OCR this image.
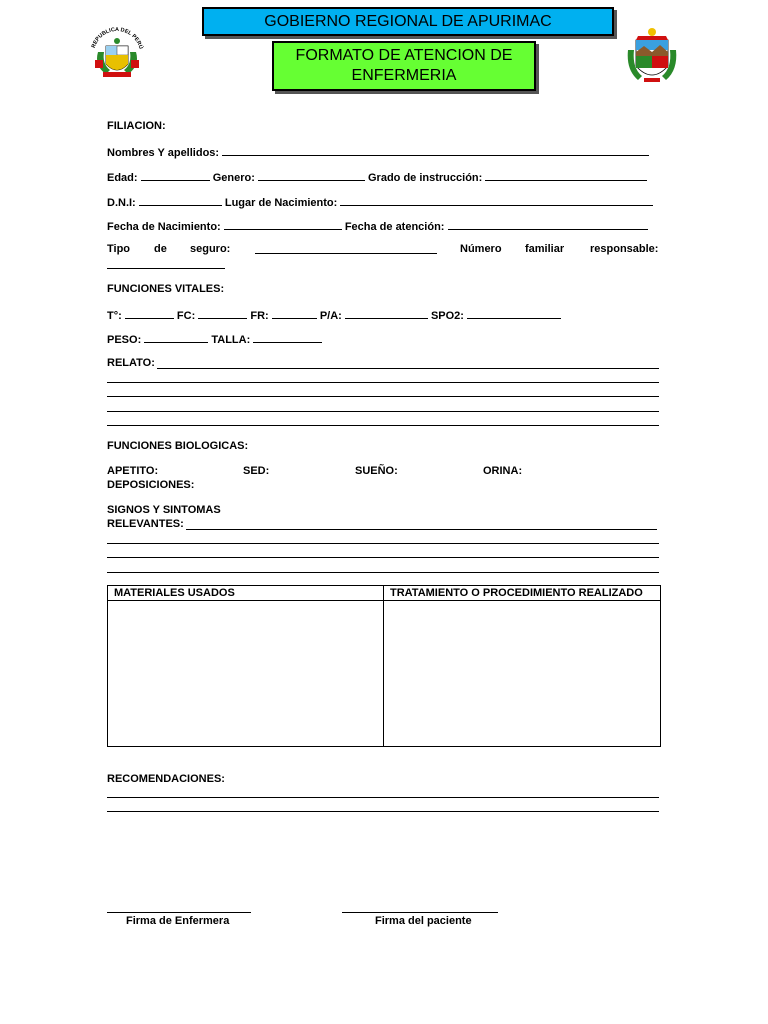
REPUBLICA DEL PERÚ
GOBIERNO REGIONAL DE APURIMAC
FORMATO DE ATENCION DE
ENFERMERIA
FILIACION:
Nombres Y apellidos:
Edad:	Genero:	Grado de instrucción:
D.N.I:	Lugar de Nacimiento:
Fecha de Nacimiento:	Fecha de atención:
Tipo de seguro:	Número familiar responsable:
FUNCIONES VITALES:
T°:	FC:	FR:	P/A:	SPO2:
PESO:	TALLA:
RELATO:
FUNCIONES BIOLOGICAS:
APETITO:	SED:	SUEÑO:	ORINA:
DEPOSICIONES:
SIGNOS Y SINTOMAS
RELEVANTES:
MATERIALES USADOS	TRATAMIENTO O PROCEDIMIENTO REALIZADO

RECOMENDACIONES:
Firma de Enfermera	Firma del paciente
